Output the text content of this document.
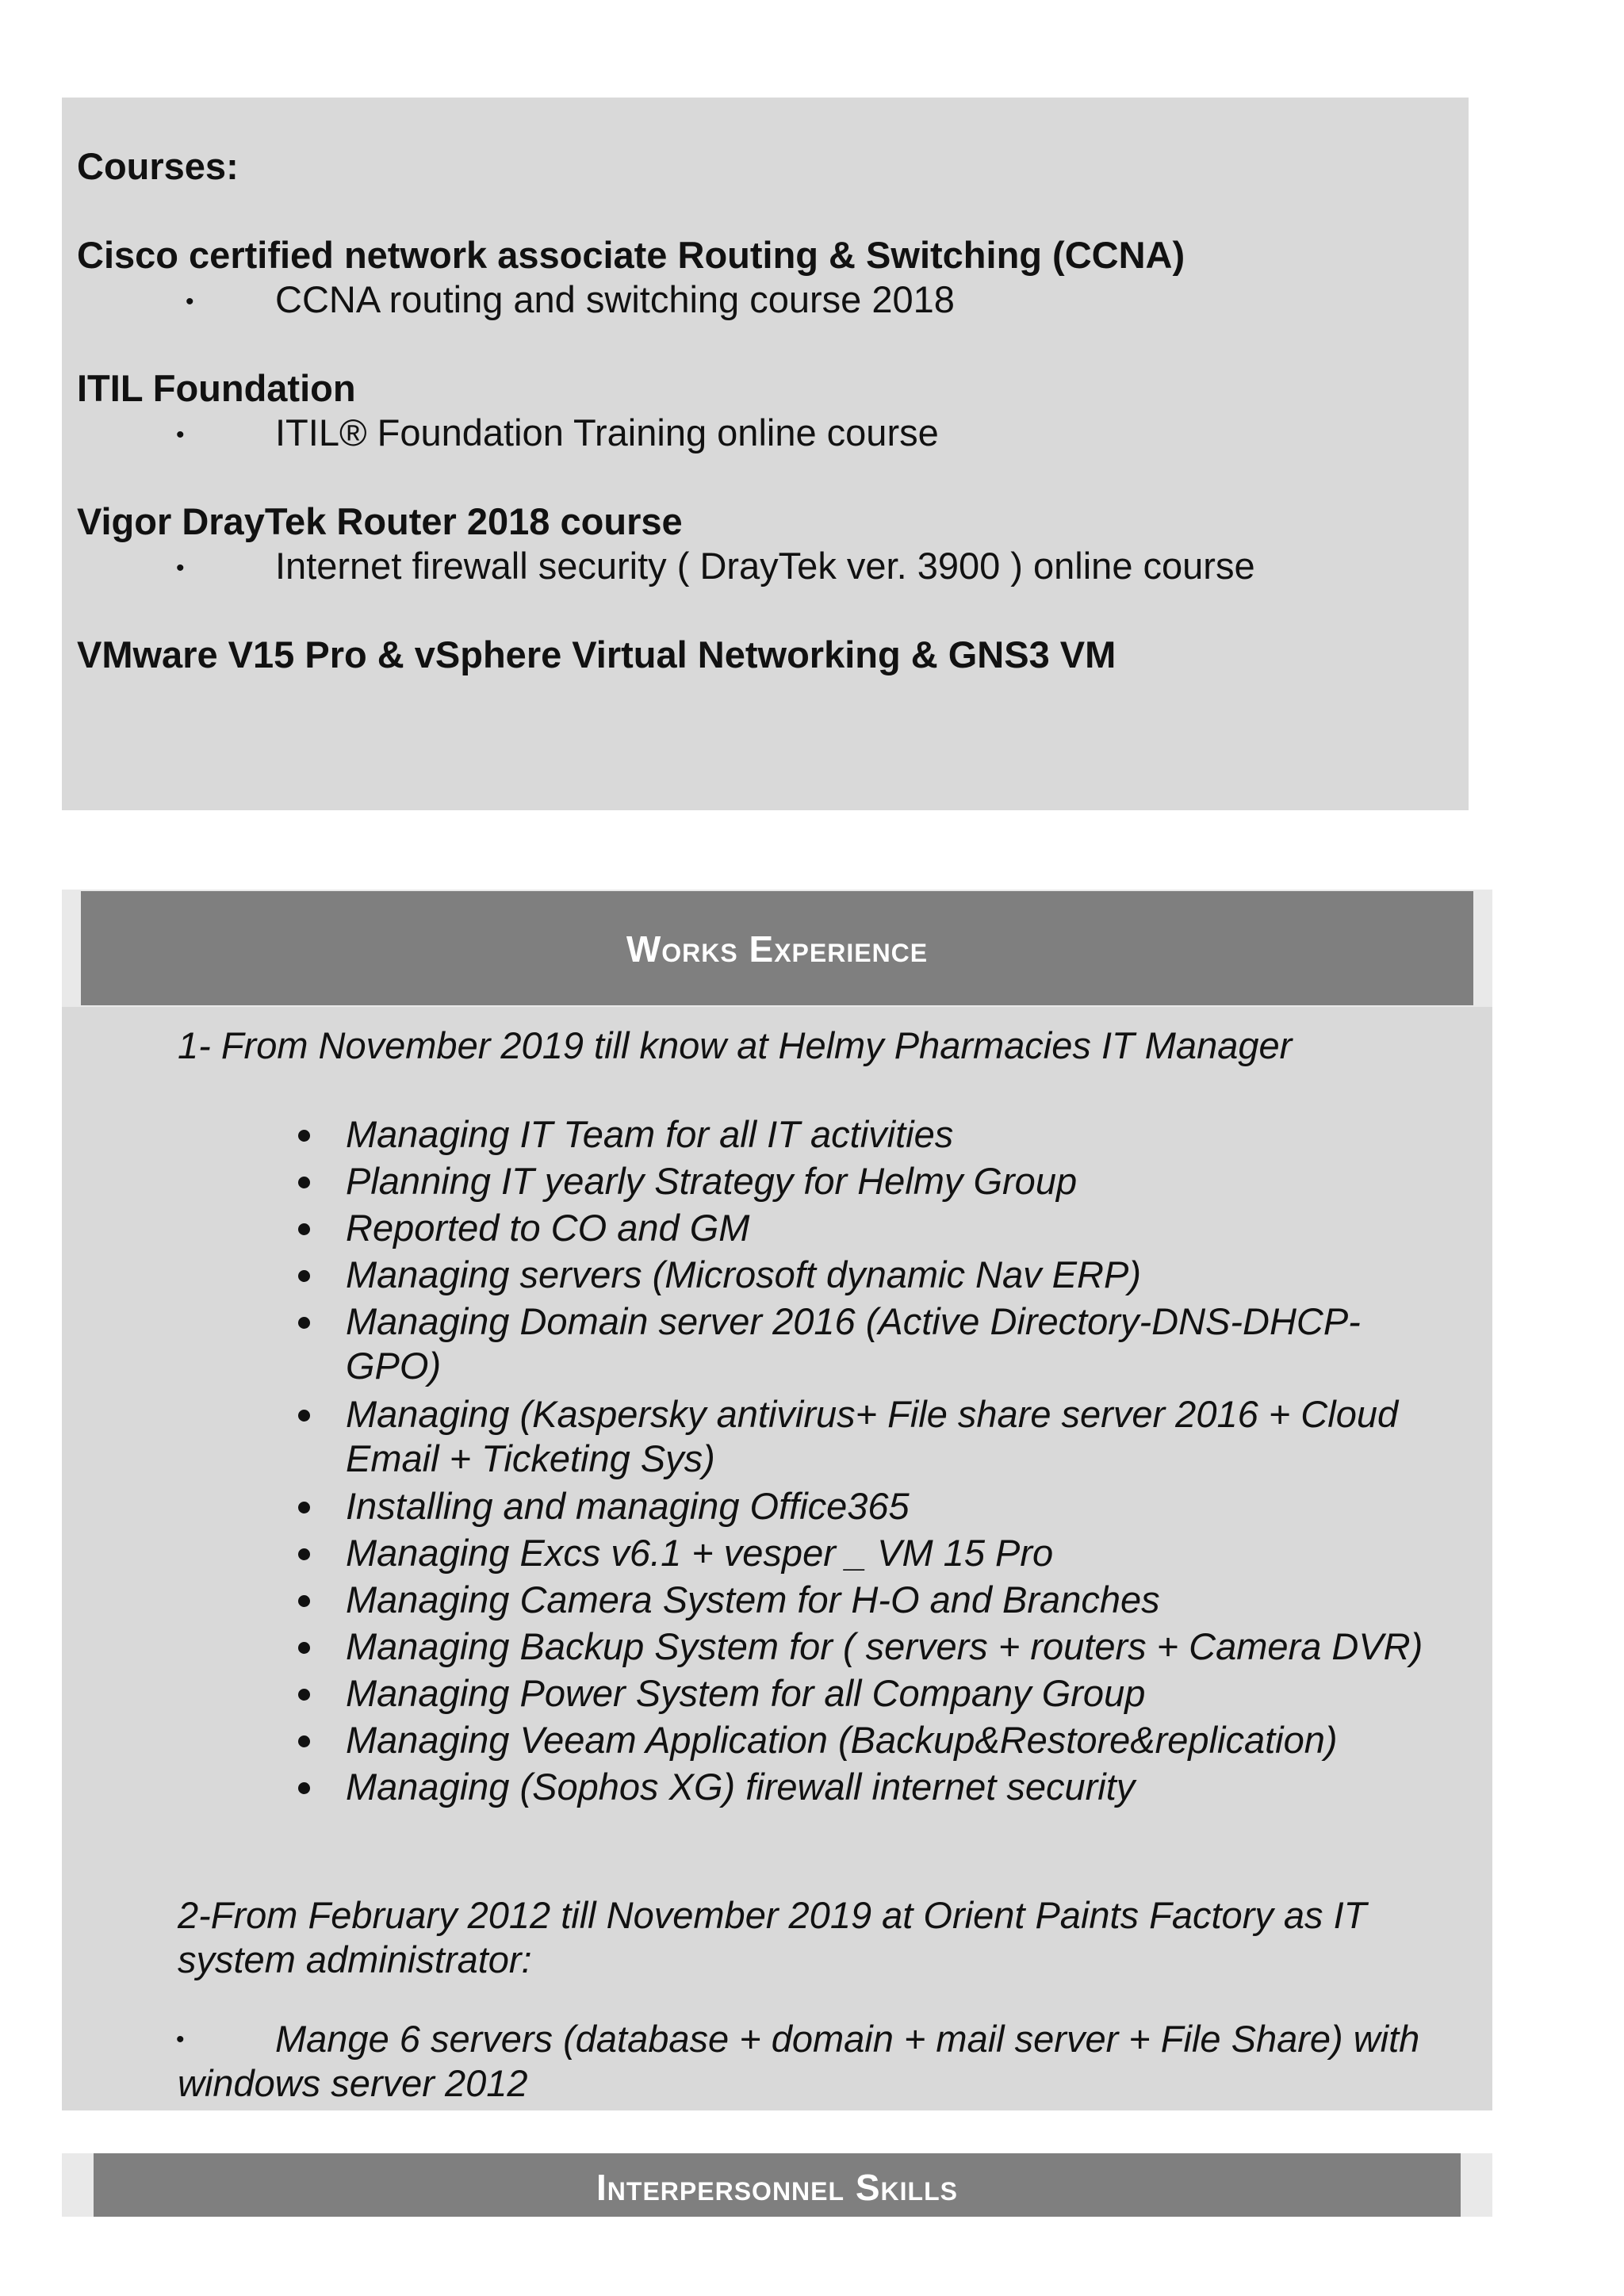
Courses:
Cisco certified network associate Routing & Switching (CCNA)
• CCNA routing and switching course 2018
ITIL Foundation
• ITIL® Foundation Training online course
Vigor DrayTek Router 2018 course
• Internet firewall security ( DrayTek ver. 3900 ) online course
VMware V15 Pro & vSphere Virtual Networking & GNS3 VM
Works Experience
1- From November 2019 till know at Helmy Pharmacies IT Manager
Managing IT Team for all IT activities
Planning IT yearly Strategy for Helmy Group
Reported to CO and GM
Managing servers (Microsoft dynamic Nav ERP)
Managing Domain server 2016 (Active Directory-DNS-DHCP-
GPO)
Managing (Kaspersky antivirus+ File share server 2016 + Cloud
Email + Ticketing Sys)
Installing and managing Office365
Managing Excs v6.1 + vesper _ VM 15 Pro
Managing Camera System for H-O and Branches
Managing Backup System for ( servers + routers + Camera DVR)
Managing Power System for all Company Group
Managing Veeam Application (Backup&Restore&replication)
Managing (Sophos XG) firewall internet security
2-From February 2012 till November 2019 at Orient Paints Factory as IT
system administrator:
• Mange 6 servers (database + domain + mail server + File Share) with
windows server 2012
Interpersonnel Skills
